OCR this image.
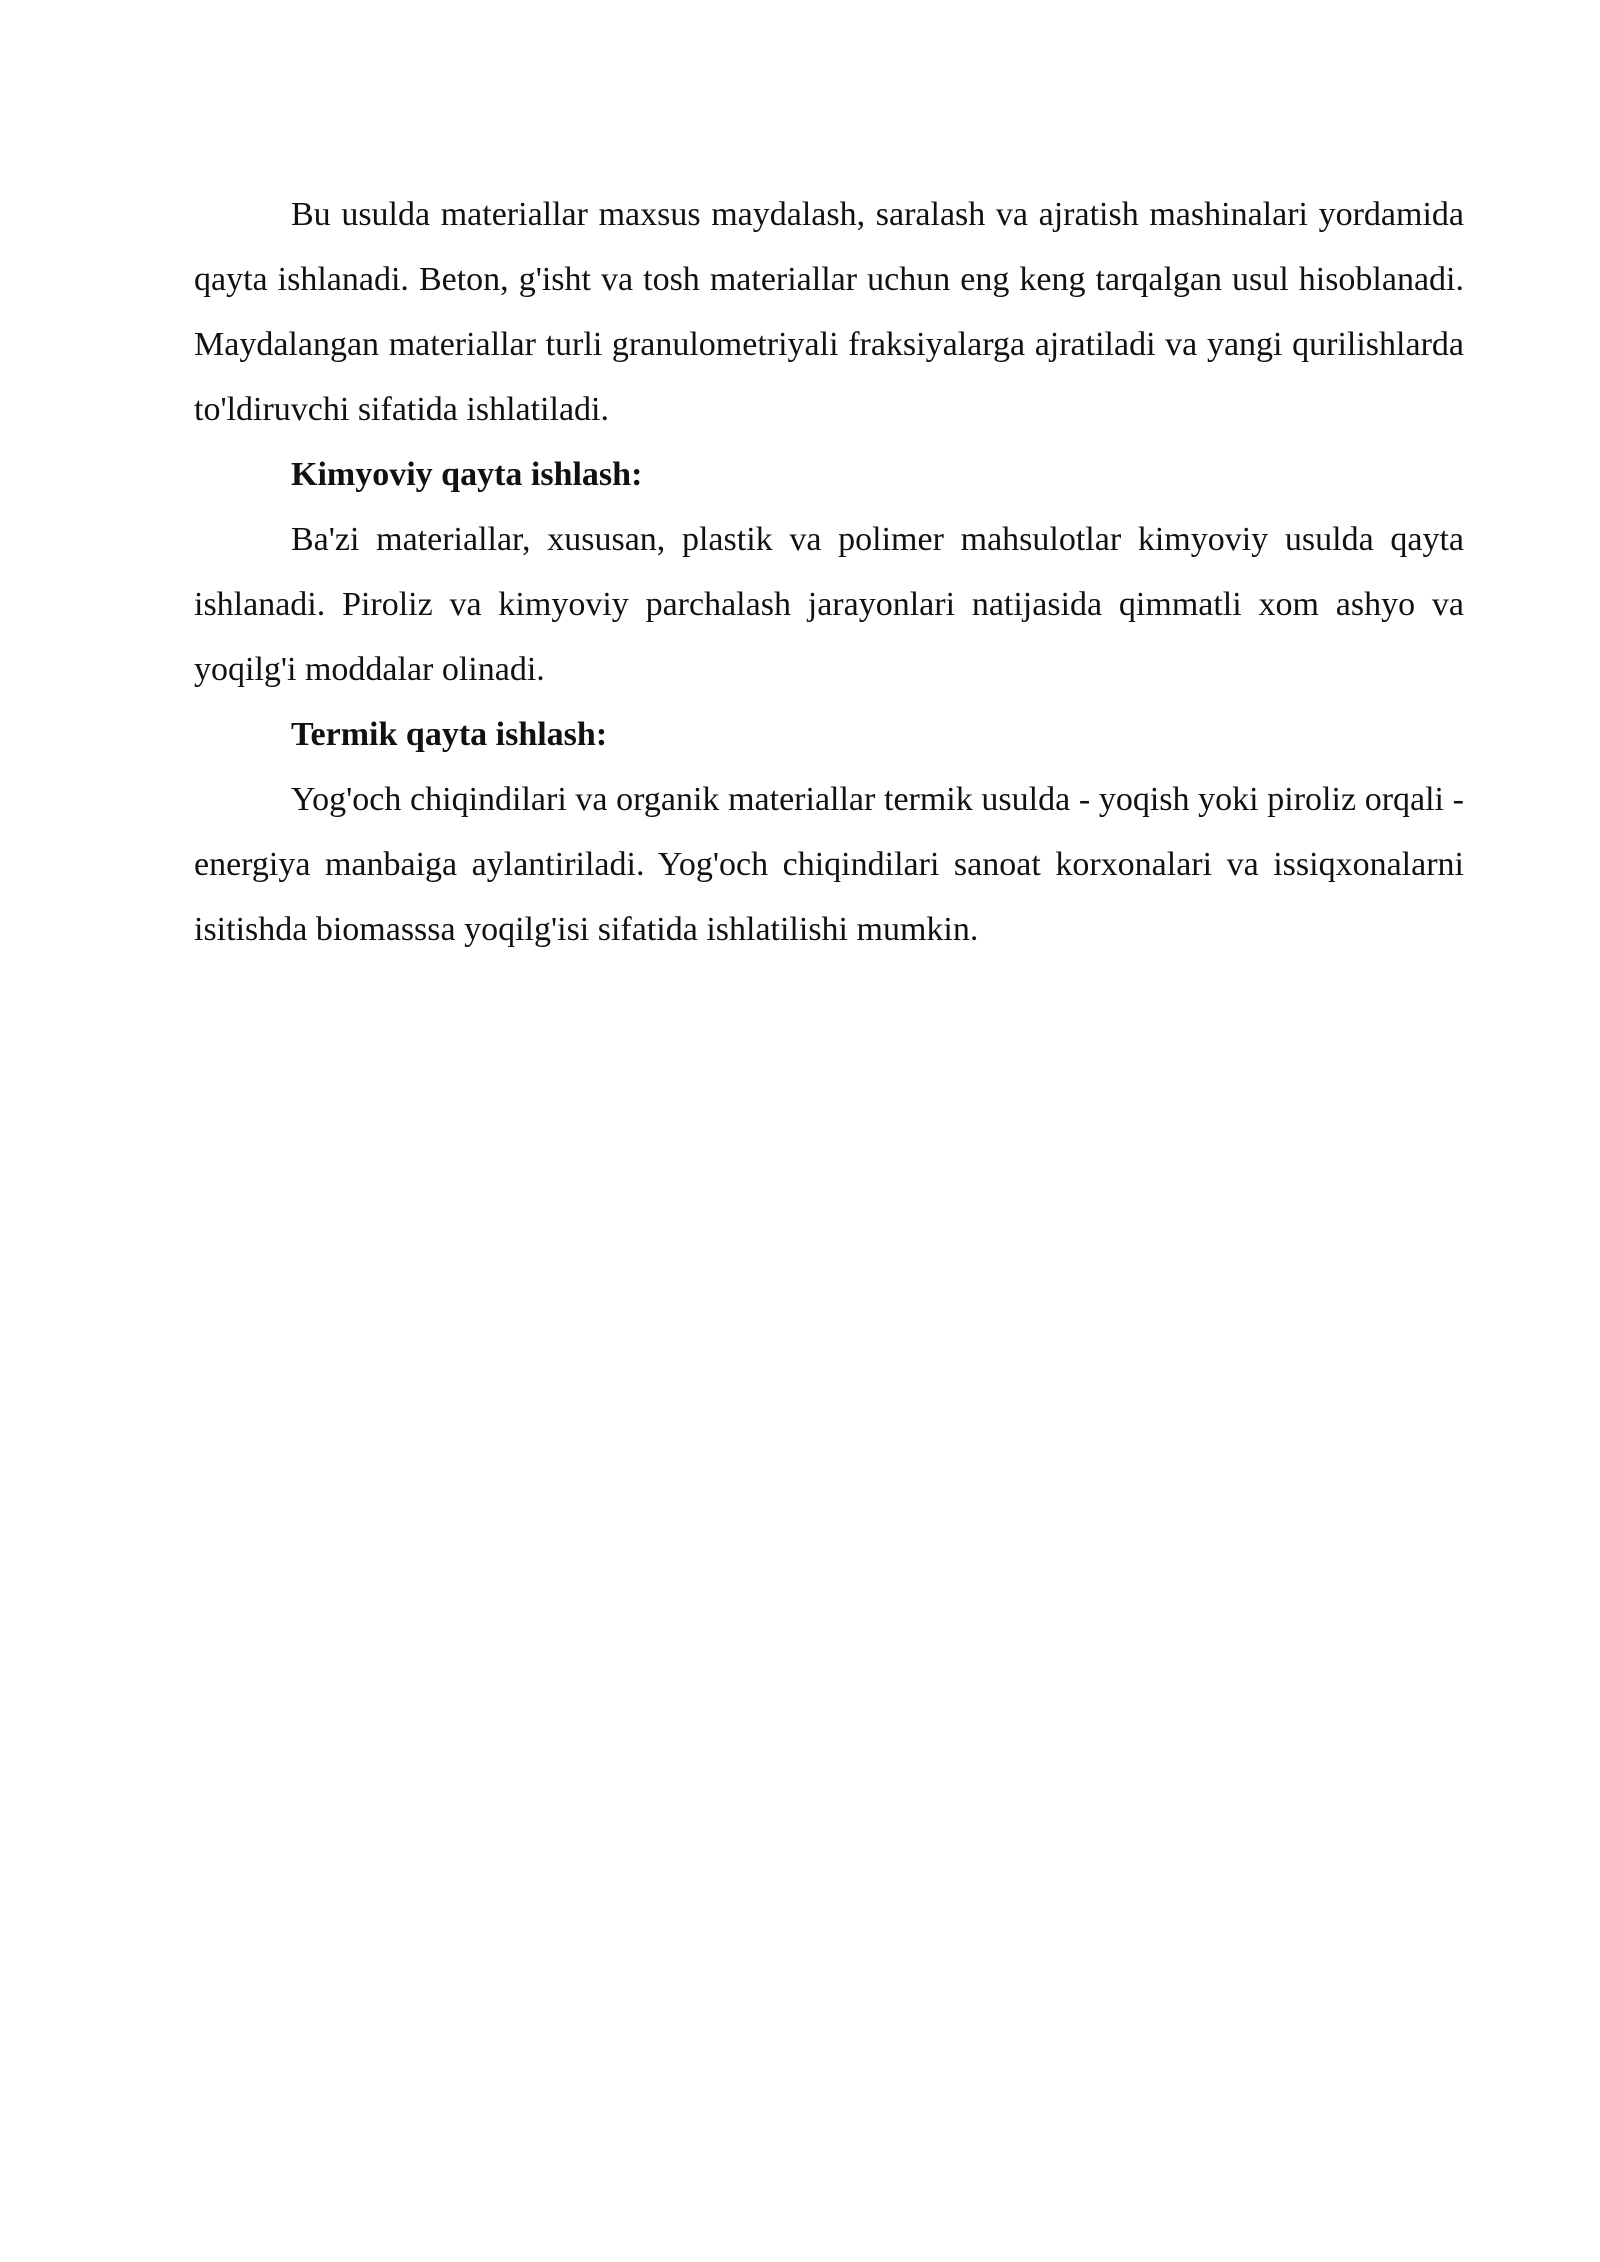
Bu usulda materiallar maxsus maydalash, saralash va ajratish mashinalari yordamida qayta ishlanadi. Beton, g'isht va tosh materiallar uchun eng keng tarqalgan usul hisoblanadi. Maydalangan materiallar turli granulometriyali fraksiyalarga ajratiladi va yangi qurilishlarda to'ldiruvchi sifatida ishlatiladi.

Kimyoviy qayta ishlash:

Ba'zi materiallar, xususan, plastik va polimer mahsulotlar kimyoviy usulda qayta ishlanadi. Piroliz va kimyoviy parchalash jarayonlari natijasida qimmatli xom ashyo va yoqilg'i moddalar olinadi.

Termik qayta ishlash:

Yog'och chiqindilari va organik materiallar termik usulda - yoqish yoki piroliz orqali - energiya manbaiga aylantiriladi. Yog'och chiqindilari sanoat korxonalari va issiqxonalarni isitishda biomasssa yoqilg'isi sifatida ishlatilishi mumkin.
